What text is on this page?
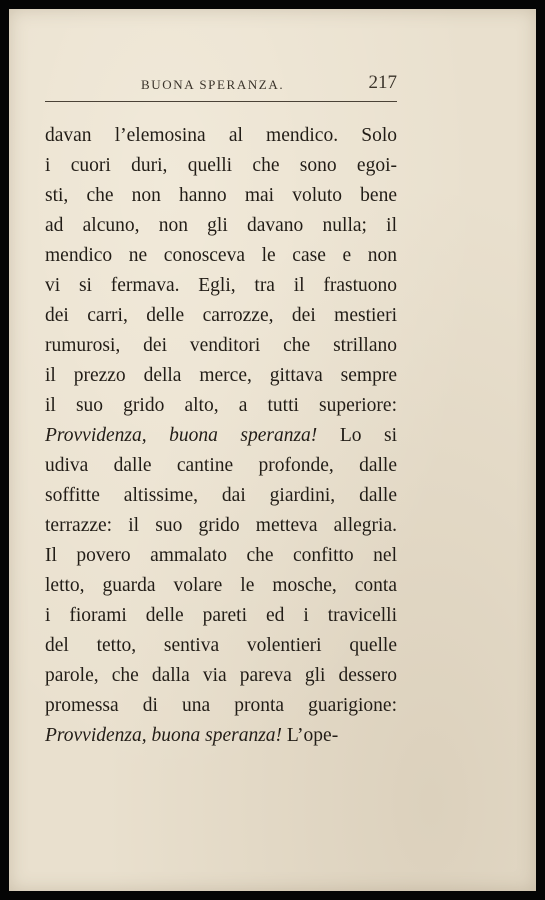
BUONA SPERANZA.	217
davan l’elemosina al mendico. Solo
i cuori duri, quelli che sono egoi-
sti, che non hanno mai voluto bene
ad alcuno, non gli davano nulla; il
mendico ne conosceva le case e non
vi si fermava. Egli, tra il frastuono
dei carri, delle carrozze, dei mestieri
rumurosi, dei venditori che strillano
il prezzo della merce, gittava sempre
il suo grido alto, a tutti superiore:
Provvidenza, buona speranza! Lo si
udiva dalle cantine profonde, dalle
soffitte altissime, dai giardini, dalle
terrazze: il suo grido metteva allegria.
Il povero ammalato che confitto nel
letto, guarda volare le mosche, conta
i fiorami delle pareti ed i travicelli
del tetto, sentiva volentieri quelle
parole, che dalla via pareva gli dessero
promessa di una pronta guarigione:
Provvidenza, buona speranza! L’ope-
